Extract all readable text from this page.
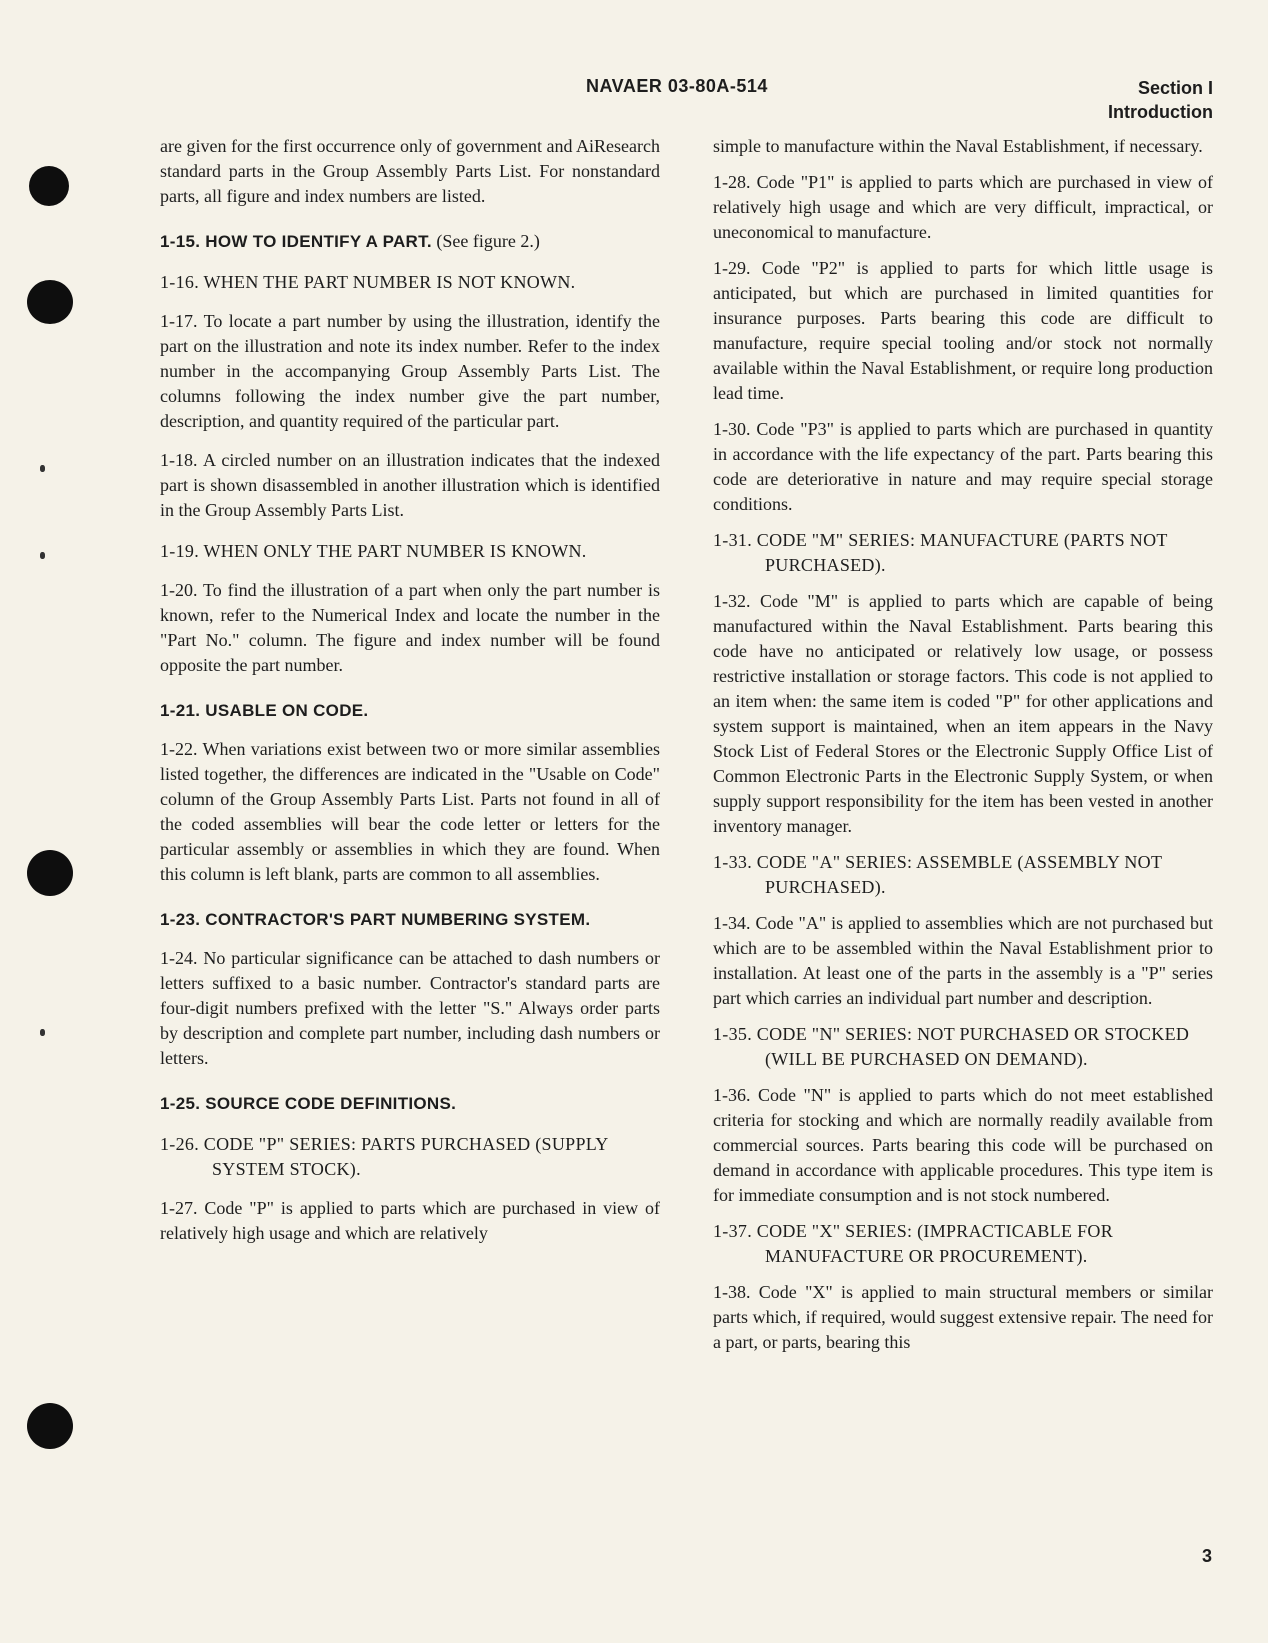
NAVAER 03-80A-514	Section I
Introduction

are given for the first occurrence only of government and AiResearch standard parts in the Group Assembly Parts List. For nonstandard parts, all figure and index numbers are listed.

1-15. HOW TO IDENTIFY A PART. (See figure 2.)

1-16. WHEN THE PART NUMBER IS NOT KNOWN.

1-17. To locate a part number by using the illustration, identify the part on the illustration and note its index number. Refer to the index number in the accompanying Group Assembly Parts List. The columns following the index number give the part number, description, and quantity required of the particular part.

1-18. A circled number on an illustration indicates that the indexed part is shown disassembled in another illustration which is identified in the Group Assembly Parts List.

1-19. WHEN ONLY THE PART NUMBER IS KNOWN.

1-20. To find the illustration of a part when only the part number is known, refer to the Numerical Index and locate the number in the "Part No." column. The figure and index number will be found opposite the part number.

1-21. USABLE ON CODE.

1-22. When variations exist between two or more similar assemblies listed together, the differences are indicated in the "Usable on Code" column of the Group Assembly Parts List. Parts not found in all of the coded assemblies will bear the code letter or letters for the particular assembly or assemblies in which they are found. When this column is left blank, parts are common to all assemblies.

1-23. CONTRACTOR'S PART NUMBERING SYSTEM.

1-24. No particular significance can be attached to dash numbers or letters suffixed to a basic number. Contractor's standard parts are four-digit numbers prefixed with the letter "S." Always order parts by description and complete part number, including dash numbers or letters.

1-25. SOURCE CODE DEFINITIONS.

1-26. CODE "P" SERIES: PARTS PURCHASED (SUPPLY SYSTEM STOCK).

1-27. Code "P" is applied to parts which are purchased in view of relatively high usage and which are relatively

simple to manufacture within the Naval Establishment, if necessary.

1-28. Code "P1" is applied to parts which are purchased in view of relatively high usage and which are very difficult, impractical, or uneconomical to manufacture.

1-29. Code "P2" is applied to parts for which little usage is anticipated, but which are purchased in limited quantities for insurance purposes. Parts bearing this code are difficult to manufacture, require special tooling and/or stock not normally available within the Naval Establishment, or require long production lead time.

1-30. Code "P3" is applied to parts which are purchased in quantity in accordance with the life expectancy of the part. Parts bearing this code are deteriorative in nature and may require special storage conditions.

1-31. CODE "M" SERIES: MANUFACTURE (PARTS NOT PURCHASED).

1-32. Code "M" is applied to parts which are capable of being manufactured within the Naval Establishment. Parts bearing this code have no anticipated or relatively low usage, or possess restrictive installation or storage factors. This code is not applied to an item when: the same item is coded "P" for other applications and system support is maintained, when an item appears in the Navy Stock List of Federal Stores or the Electronic Supply Office List of Common Electronic Parts in the Electronic Supply System, or when supply support responsibility for the item has been vested in another inventory manager.

1-33. CODE "A" SERIES: ASSEMBLE (ASSEMBLY NOT PURCHASED).

1-34. Code "A" is applied to assemblies which are not purchased but which are to be assembled within the Naval Establishment prior to installation. At least one of the parts in the assembly is a "P" series part which carries an individual part number and description.

1-35. CODE "N" SERIES: NOT PURCHASED OR STOCKED (WILL BE PURCHASED ON DEMAND).

1-36. Code "N" is applied to parts which do not meet established criteria for stocking and which are normally readily available from commercial sources. Parts bearing this code will be purchased on demand in accordance with applicable procedures. This type item is for immediate consumption and is not stock numbered.

1-37. CODE "X" SERIES: (IMPRACTICABLE FOR MANUFACTURE OR PROCUREMENT).

1-38. Code "X" is applied to main structural members or similar parts which, if required, would suggest extensive repair. The need for a part, or parts, bearing this

3
